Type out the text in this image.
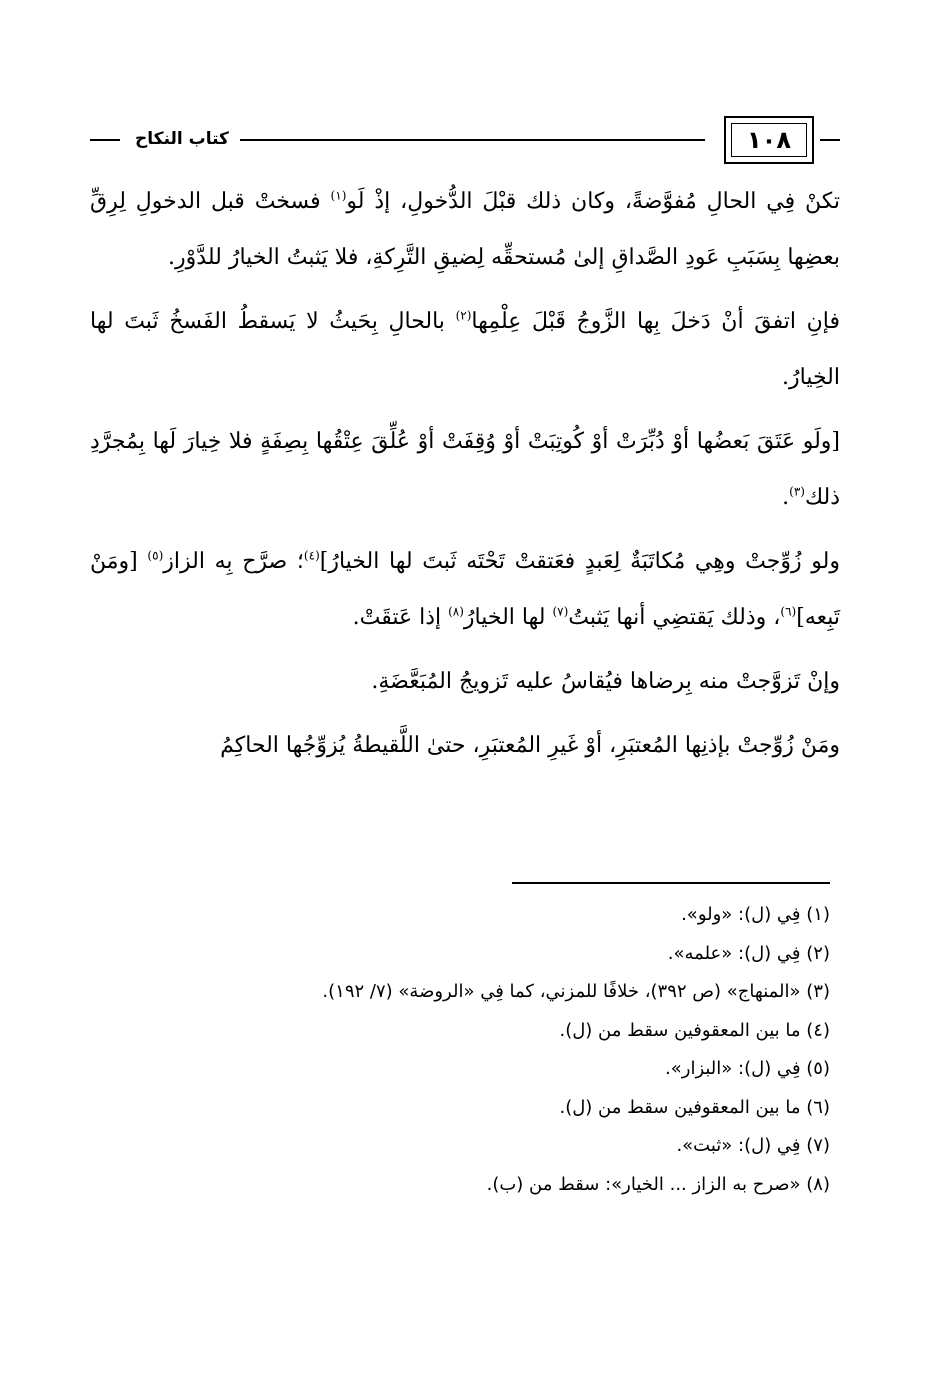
١٠٨
كتاب النكاح

تكنْ فِي الحالِ مُفوَّضةً، وكان ذلك قبْلَ الدُّخولِ، إذْ لَو$^{(١)}$ فسختْ قبل الدخولِ لِرِقِّ بعضِها بِسَبَبِ عَودِ الصَّداقِ إلىٰ مُستحقِّه لِضيقِ التَّرِكةِ، فلا يَثبتُ الخيارُ للدَّوْرِ.

فإنِ اتفقَ أنْ دَخلَ بِها الزَّوجُ قَبْلَ عِلْمِها$^{(٢)}$ بالحالِ بِحَيثُ لا يَسقطُ الفَسخُ ثَبتَ لها الخِيارُ.

[ولَو عَتَقَ بَعضُها أوْ دُبِّرَتْ أوْ كُوتِبَتْ أوْ وُقِفَتْ أوْ عُلِّقَ عِتْقُها بِصِفَةٍ فلا خِيارَ لَها بِمُجرَّدِ ذلك$^{(٣)}$.

ولو زُوِّجتْ وهِي مُكاتَبَةٌ لِعَبدٍ فعَتقتْ تَحْتَه ثَبتَ لها الخيارُ]$^{(٤)}$؛ صرَّح بِه الزاز$^{(٥)}$ [ومَنْ تَبِعه]$^{(٦)}$، وذلك يَقتضِي أنها يَثبتُ$^{(٧)}$ لها الخيارُ$^{(٨)}$ إذا عَتقَتْ.

وإنْ تَزوَّجتْ منه بِرضاها فيُقاسُ عليه تَزويجُ المُبَعَّضَةِ.

ومَنْ زُوِّجتْ بإذنِها المُعتبَرِ، أوْ غَيرِ المُعتبَرِ، حتىٰ اللَّقيطةُ يُزوِّجُها الحاكِمُ

(١) فِي (ل): «ولو».
(٢) فِي (ل): «علمه».
(٣) «المنهاج» (ص ٣٩٢)، خلافًا للمزني، كما فِي «الروضة» (٧/ ١٩٢).
(٤) ما بين المعقوفين سقط من (ل).
(٥) فِي (ل): «البزار».
(٦) ما بين المعقوفين سقط من (ل).
(٧) فِي (ل): «ثبت».
(٨) «صرح به الزاز ... الخيار»: سقط من (ب).
